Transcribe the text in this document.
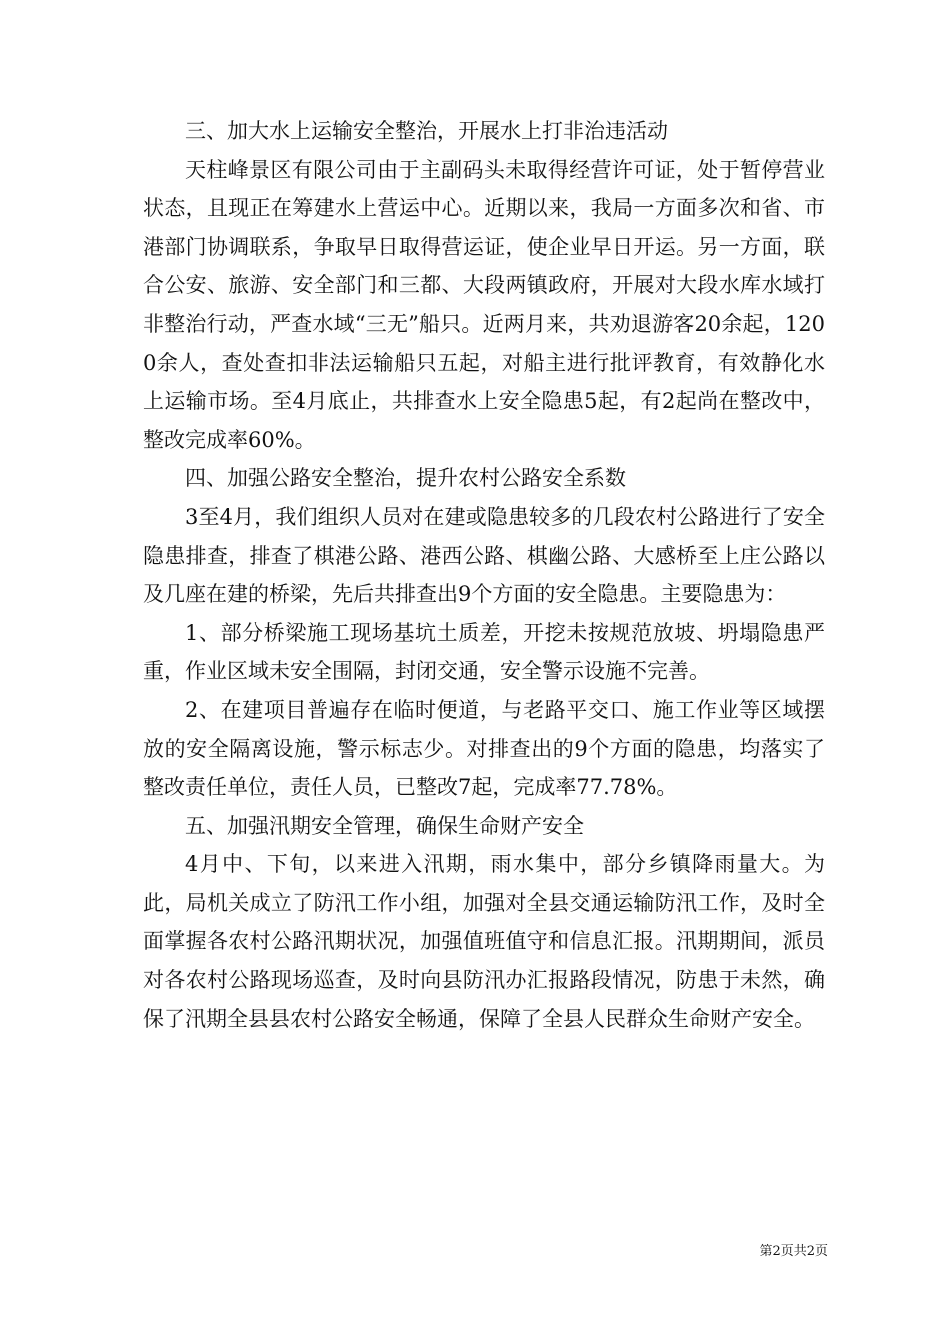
三、加大水上运输安全整治，开展水上打非治违活动

天柱峰景区有限公司由于主副码头未取得经营许可证，处于暂停营业状态，且现正在筹建水上营运中心。近期以来，我局一方面多次和省、市港部门协调联系，争取早日取得营运证，使企业早日开运。另一方面，联合公安、旅游、安全部门和三都、大段两镇政府，开展对大段水库水域打非整治行动，严查水域“三无”船只。近两月来，共劝退游客20余起，1200余人，查处查扣非法运输船只五起，对船主进行批评教育，有效静化水上运输市场。至4月底止，共排查水上安全隐患5起，有2起尚在整改中，整改完成率60%。

四、加强公路安全整治，提升农村公路安全系数

3至4月，我们组织人员对在建或隐患较多的几段农村公路进行了安全隐患排查，排查了棋港公路、港西公路、棋幽公路、大感桥至上庄公路以及几座在建的桥梁，先后共排查出9个方面的安全隐患。主要隐患为：

1、部分桥梁施工现场基坑土质差，开挖未按规范放坡、坍塌隐患严重，作业区域未安全围隔，封闭交通，安全警示设施不完善。

2、在建项目普遍存在临时便道，与老路平交口、施工作业等区域摆放的安全隔离设施，警示标志少。对排查出的9个方面的隐患，均落实了整改责任单位，责任人员，已整改7起，完成率77.78%。

五、加强汛期安全管理，确保生命财产安全

4月中、下旬，以来进入汛期，雨水集中，部分乡镇降雨量大。为此，局机关成立了防汛工作小组，加强对全县交通运输防汛工作，及时全面掌握各农村公路汛期状况，加强值班值守和信息汇报。汛期期间，派员对各农村公路现场巡查，及时向县防汛办汇报路段情况，防患于未然，确保了汛期全县县农村公路安全畅通，保障了全县人民群众生命财产安全。

第2页共2页
